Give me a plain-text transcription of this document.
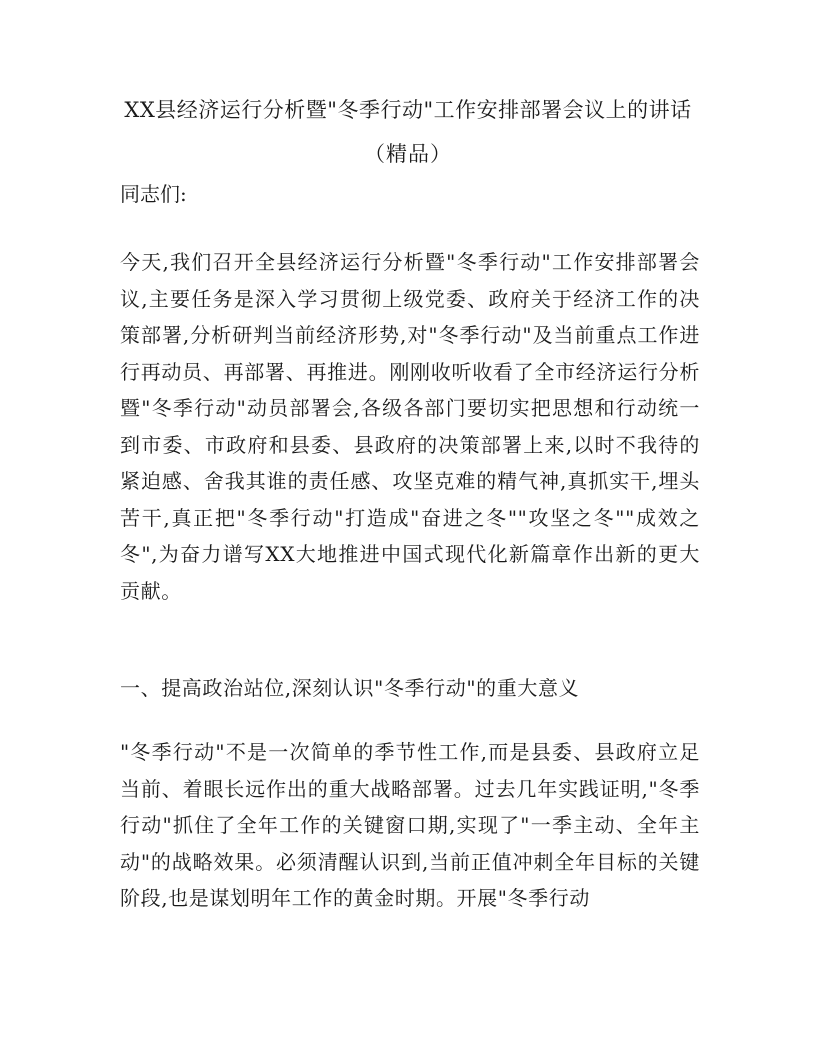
XX县经济运行分析暨"冬季行动"工作安排部署会议上的讲话
（精品）
同志们:
今天,我们召开全县经济运行分析暨"冬季行动"工作安排部署会议,主要任务是深入学习贯彻上级党委、政府关于经济工作的决策部署,分析研判当前经济形势,对"冬季行动"及当前重点工作进行再动员、再部署、再推进。刚刚收听收看了全市经济运行分析暨"冬季行动"动员部署会,各级各部门要切实把思想和行动统一到市委、市政府和县委、县政府的决策部署上来,以时不我待的紧迫感、舍我其谁的责任感、攻坚克难的精气神,真抓实干,埋头苦干,真正把"冬季行动"打造成"奋进之冬""攻坚之冬""成效之冬",为奋力谱写XX大地推进中国式现代化新篇章作出新的更大贡献。
一、提高政治站位,深刻认识"冬季行动"的重大意义
"冬季行动"不是一次简单的季节性工作,而是县委、县政府立足当前、着眼长远作出的重大战略部署。过去几年实践证明,"冬季行动"抓住了全年工作的关键窗口期,实现了"一季主动、全年主动"的战略效果。必须清醒认识到,当前正值冲刺全年目标的关键阶段,也是谋划明年工作的黄金时期。开展"冬季行动
